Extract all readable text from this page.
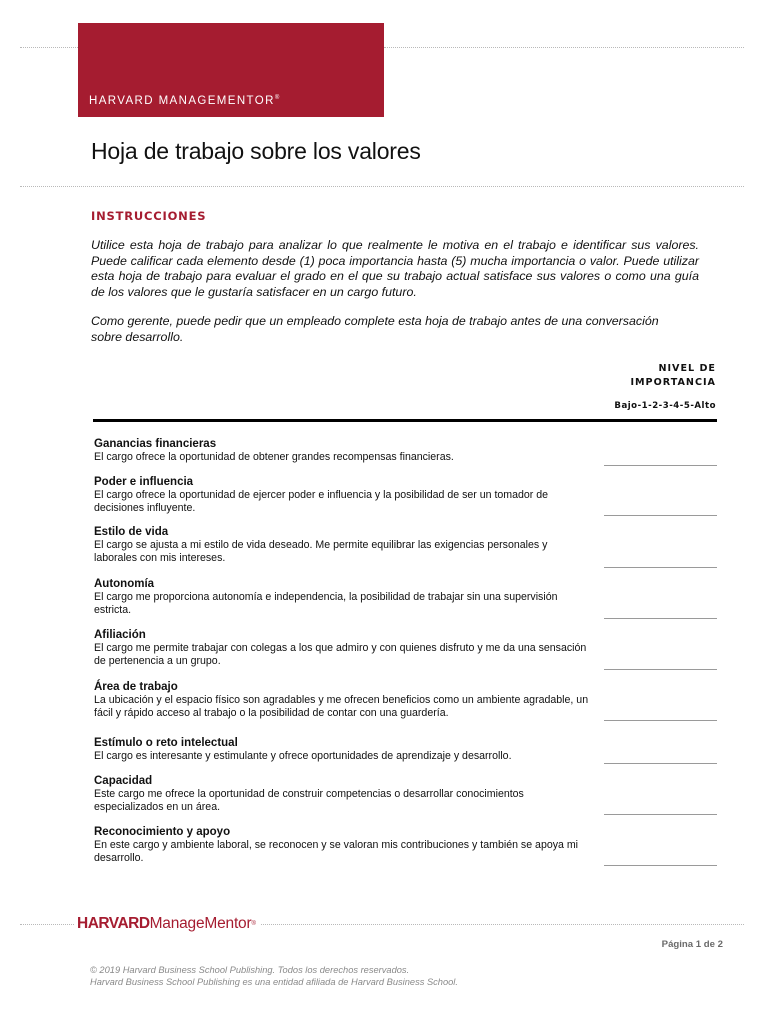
HARVARD MANAGEMENTOR®
Hoja de trabajo sobre los valores
INSTRUCCIONES
Utilice esta hoja de trabajo para analizar lo que realmente le motiva en el trabajo e identificar sus valores. Puede calificar cada elemento desde (1) poca importancia hasta (5) mucha importancia o valor. Puede utilizar esta hoja de trabajo para evaluar el grado en el que su trabajo actual satisface sus valores o como una guía de los valores que le gustaría satisfacer en un cargo futuro.
Como gerente, puede pedir que un empleado complete esta hoja de trabajo antes de una conversación sobre desarrollo.
NIVEL DE
IMPORTANCIA
Bajo-1-2-3-4-5-Alto
Ganancias financieras
El cargo ofrece la oportunidad de obtener grandes recompensas financieras.
Poder e influencia
El cargo ofrece la oportunidad de ejercer poder e influencia y la posibilidad de ser un tomador de decisiones influyente.
Estilo de vida
El cargo se ajusta a mi estilo de vida deseado. Me permite equilibrar las exigencias personales y laborales con mis intereses.
Autonomía
El cargo me proporciona autonomía e independencia, la posibilidad de trabajar sin una supervisión estricta.
Afiliación
El cargo me permite trabajar con colegas a los que admiro y con quienes disfruto y me da una sensación de pertenencia a un grupo.
Área de trabajo
La ubicación y el espacio físico son agradables y me ofrecen beneficios como un ambiente agradable, un fácil y rápido acceso al trabajo o la posibilidad de contar con una guardería.
Estímulo o reto intelectual
El cargo es interesante y estimulante y ofrece oportunidades de aprendizaje y desarrollo.
Capacidad
Este cargo me ofrece la oportunidad de construir competencias o desarrollar conocimientos especializados en un área.
Reconocimiento y apoyo
En este cargo y ambiente laboral, se reconocen y se valoran mis contribuciones y también se apoya mi desarrollo.
HARVARD ManageMentor ®
Página 1 de 2
© 2019 Harvard Business School Publishing. Todos los derechos reservados.
Harvard Business School Publishing es una entidad afiliada de Harvard Business School.
